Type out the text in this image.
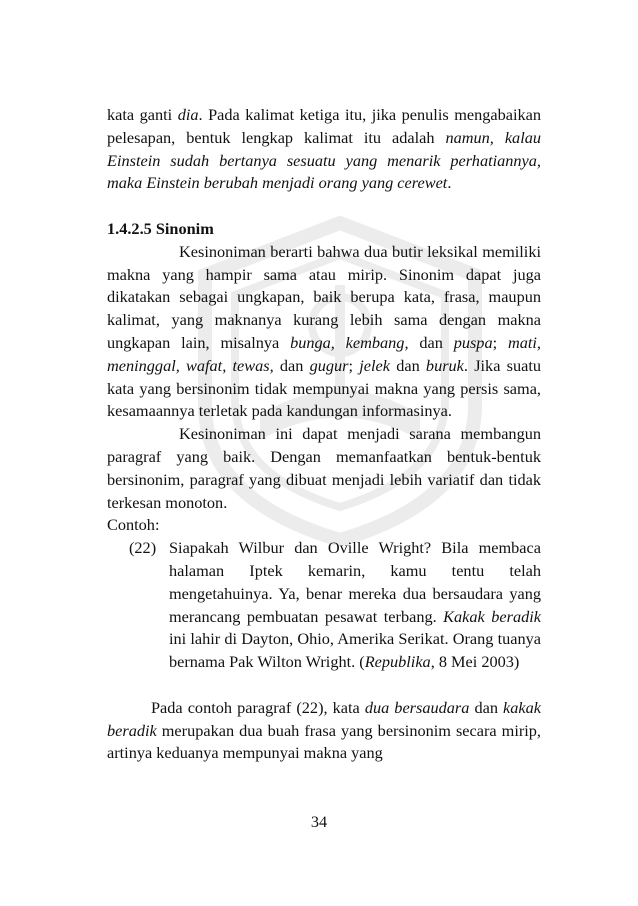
kata ganti dia. Pada kalimat ketiga itu, jika penulis mengabaikan pelesapan, bentuk lengkap kalimat itu adalah namun, kalau Einstein sudah bertanya sesuatu yang menarik perhatiannya, maka Einstein berubah menjadi orang yang cerewet.

1.4.2.5 Sinonim

Kesinoniman berarti bahwa dua butir leksikal memiliki makna yang hampir sama atau mirip. Sinonim dapat juga dikatakan sebagai ungkapan, baik berupa kata, frasa, maupun kalimat, yang maknanya kurang lebih sama dengan makna ungkapan lain, misalnya bunga, kembang, dan puspa; mati, meninggal, wafat, tewas, dan gugur; jelek dan buruk. Jika suatu kata yang bersinonim tidak mempunyai makna yang persis sama, kesamaannya terletak pada kandungan informasinya.

Kesinoniman ini dapat menjadi sarana membangun paragraf yang baik. Dengan memanfaatkan bentuk-bentuk bersinonim, paragraf yang dibuat menjadi lebih variatif dan tidak terkesan monoton.

Contoh:

(22) Siapakah Wilbur dan Oville Wright? Bila membaca halaman Iptek kemarin, kamu tentu telah mengetahuinya. Ya, benar mereka dua bersaudara yang merancang pembuatan pesawat terbang. Kakak beradik ini lahir di Dayton, Ohio, Amerika Serikat. Orang tuanya bernama Pak Wilton Wright. (Republika, 8 Mei 2003)

Pada contoh paragraf (22), kata dua bersaudara dan kakak beradik merupakan dua buah frasa yang bersinonim secara mirip, artinya keduanya mempunyai makna yang

34
